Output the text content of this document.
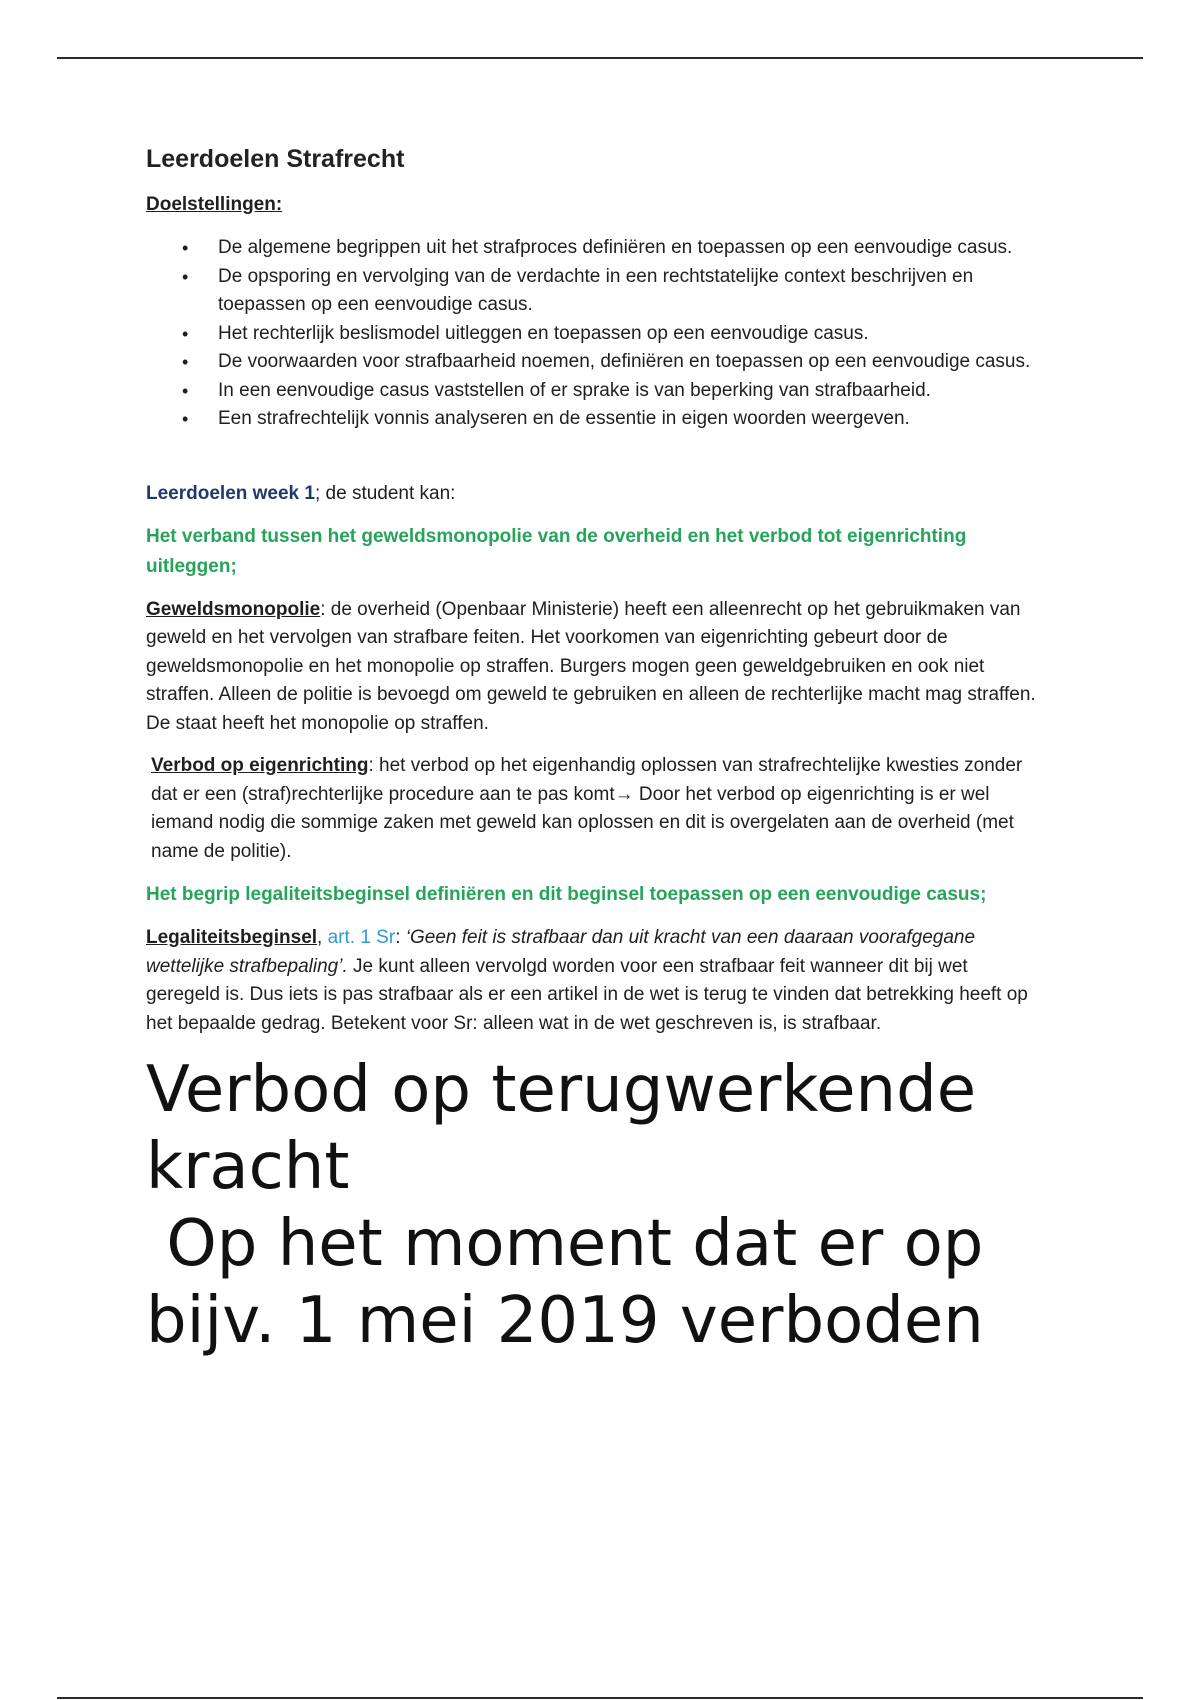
Leerdoelen Strafrecht
Doelstellingen:
• De algemene begrippen uit het strafproces definiëren en toepassen op een eenvoudige casus.
• De opsporing en vervolging van de verdachte in een rechtstatelijke context beschrijven en toepassen op een eenvoudige casus.
• Het rechterlijk beslismodel uitleggen en toepassen op een eenvoudige casus.
• De voorwaarden voor strafbaarheid noemen, definiëren en toepassen op een eenvoudige casus.
• In een eenvoudige casus vaststellen of er sprake is van beperking van strafbaarheid.
• Een strafrechtelijk vonnis analyseren en de essentie in eigen woorden weergeven.
Leerdoelen week 1; de student kan:
Het verband tussen het geweldsmonopolie van de overheid en het verbod tot eigenrichting uitleggen;

Geweldsmonopolie: de overheid (Openbaar Ministerie) heeft een alleenrecht op het gebruikmaken van geweld en het vervolgen van strafbare feiten. Het voorkomen van eigenrichting gebeurt door de geweldsmonopolie en het monopolie op straffen. Burgers mogen geen geweldgebruiken en ook niet straffen. Alleen de politie is bevoegd om geweld te gebruiken en alleen de rechterlijke macht mag straffen. De staat heeft het monopolie op straffen.

Verbod op eigenrichting: het verbod op het eigenhandig oplossen van strafrechtelijke kwesties zonder dat er een (straf)rechterlijke procedure aan te pas komt→ Door het verbod op eigenrichting is er wel iemand nodig die sommige zaken met geweld kan oplossen en dit is overgelaten aan de overheid (met name de politie).

Het begrip legaliteitsbeginsel definiëren en dit beginsel toepassen op een eenvoudige casus;

Legaliteitsbeginsel, art. 1 Sr: ‘Geen feit is strafbaar dan uit kracht van een daaraan voorafgegane wettelijke strafbepaling’. Je kunt alleen vervolgd worden voor een strafbaar feit wanneer dit bij wet geregeld is. Dus iets is pas strafbaar als er een artikel in de wet is terug te vinden dat betrekking heeft op het bepaalde gedrag. Betekent voor Sr: alleen wat in de wet geschreven is, is strafbaar.

Verbod op terugwerkende kracht
Op het moment dat er op bijv. 1 mei 2019 verboden
